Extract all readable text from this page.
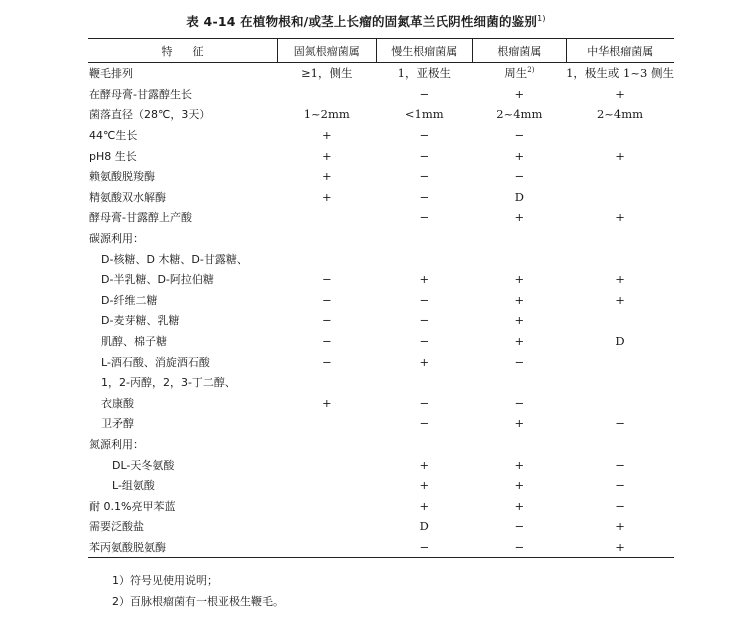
表 4-14 在植物根和/或茎上长瘤的固氮革兰氏阴性细菌的鉴别$^{1)}$
特征	固氮根瘤菌属	慢生根瘤菌属	根瘤菌属	中华根瘤菌属
鞭毛排列	≥1，侧生	1，亚极生	周生$^{2)}$	1，极生或 1~3 侧生
在酵母膏-甘露醇生长		−	+	+
菌落直径（28℃，3天）	1~2mm	<1mm	2~4mm	2~4mm
44℃生长	+	−	−	
pH8 生长	+	−	+	+
赖氨酸脱羧酶	+	−	−	
精氨酸双水解酶	+	−	D	
酵母膏-甘露醇上产酸		−	+	+
碳源利用：				
D-核糖、D 木糖、D-甘露糖、				
D-半乳糖、D-阿拉伯糖	−	+	+	+
D-纤维二糖	−	−	+	+
D-麦芽糖、乳糖	−	−	+	
肌醇、棉子糖	−	−	+	D
L-酒石酸、消旋酒石酸	−	+	−	
1，2-丙醇，2，3-丁二醇、				
衣康酸	+	−	−	
卫矛醇		−	+	−
氮源利用：				
DL-天冬氨酸		+	+	−
L-组氨酸		+	+	−
耐 0.1%亮甲苯蓝		+	+	−
需要泛酸盐		D	−	+
苯丙氨酸脱氨酶		−	−	+
1）符号见使用说明；
2）百脉根瘤菌有一根亚极生鞭毛。
